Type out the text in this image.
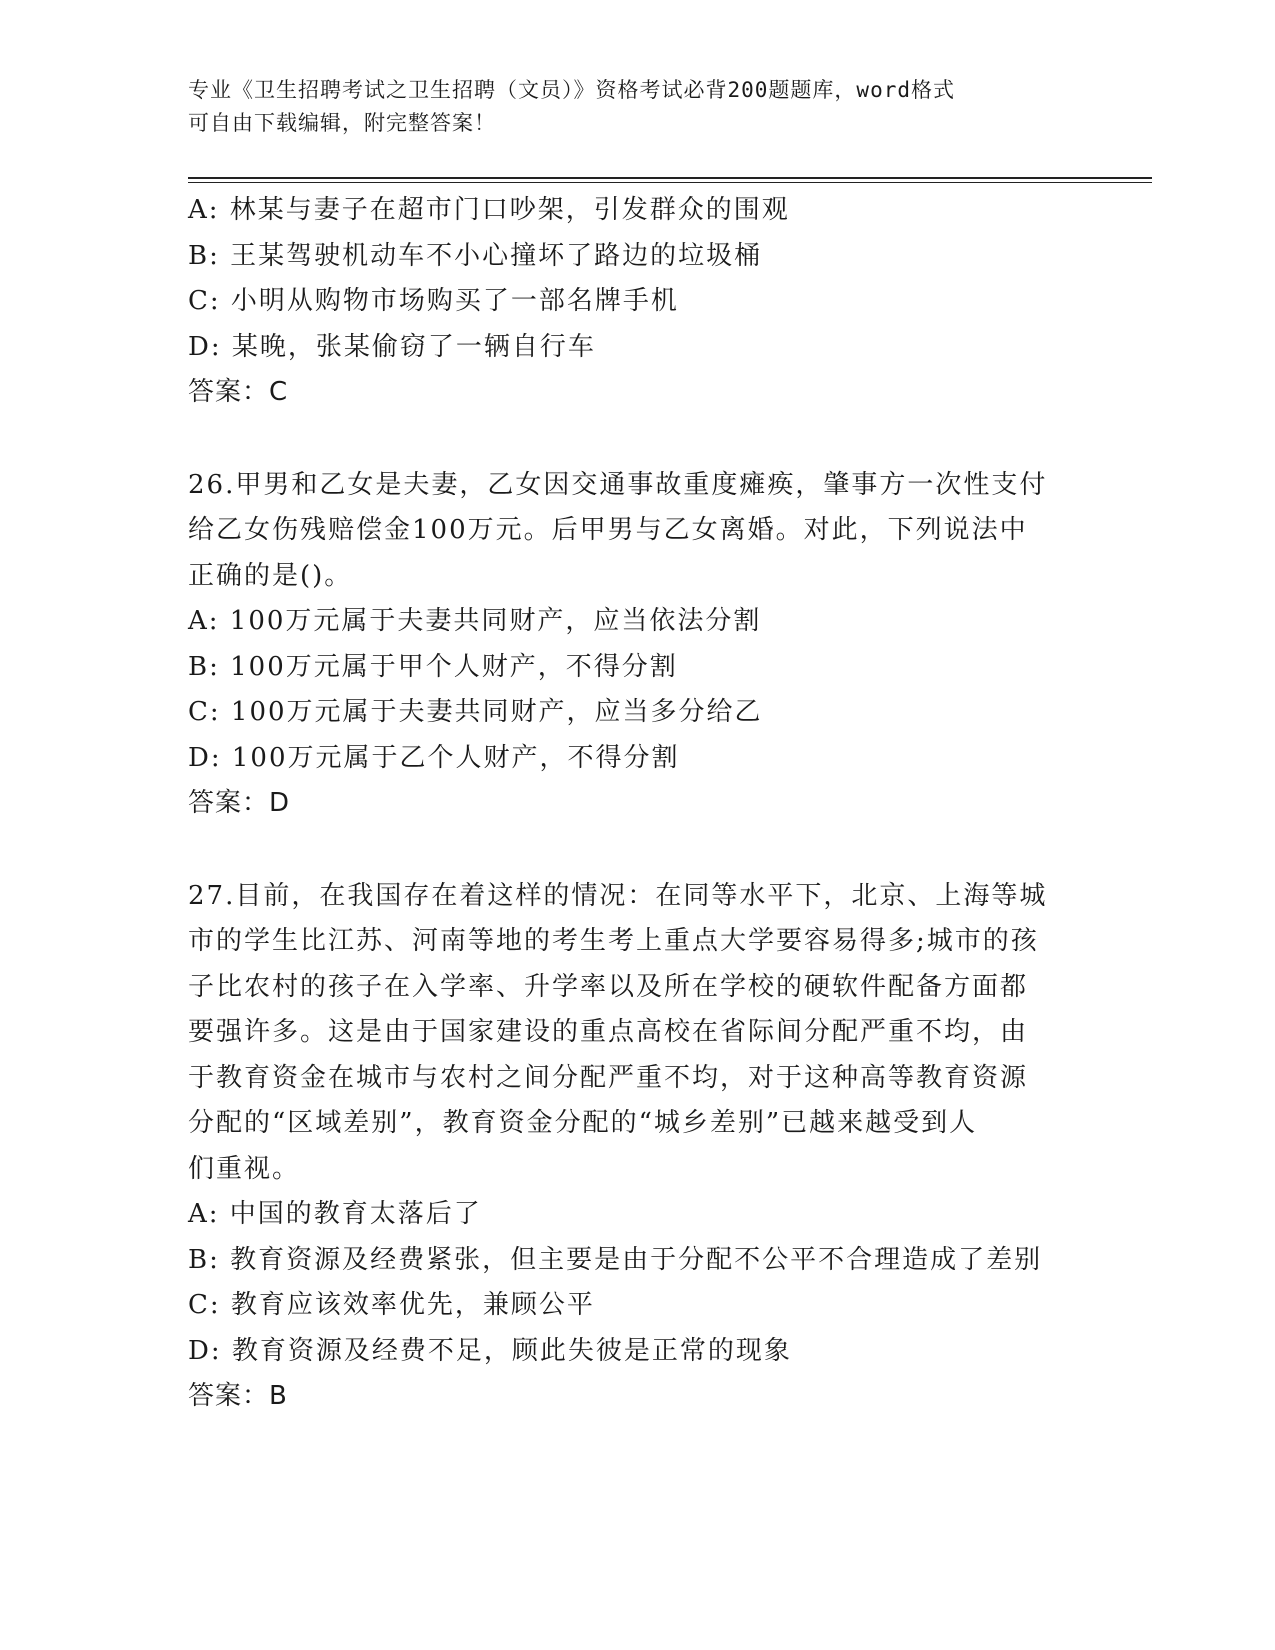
专业《卫生招聘考试之卫生招聘（文员）》资格考试必背200题题库，word格式
可自由下载编辑，附完整答案！
A: 林某与妻子在超市门口吵架，引发群众的围观
B: 王某驾驶机动车不小心撞坏了路边的垃圾桶
C: 小明从购物市场购买了一部名牌手机
D: 某晚，张某偷窃了一辆自行车
答案：C
26.甲男和乙女是夫妻，乙女因交通事故重度瘫痪，肇事方一次性支付
给乙女伤残赔偿金100万元。后甲男与乙女离婚。对此，下列说法中
正确的是()。
A: 100万元属于夫妻共同财产，应当依法分割
B: 100万元属于甲个人财产，不得分割
C: 100万元属于夫妻共同财产，应当多分给乙
D: 100万元属于乙个人财产，不得分割
答案：D
27.目前，在我国存在着这样的情况：在同等水平下，北京、上海等城
市的学生比江苏、河南等地的考生考上重点大学要容易得多;城市的孩
子比农村的孩子在入学率、升学率以及所在学校的硬软件配备方面都
要强许多。这是由于国家建设的重点高校在省际间分配严重不均，由
于教育资金在城市与农村之间分配严重不均，对于这种高等教育资源
分配的“区域差别”，教育资金分配的“城乡差别”已越来越受到人
们重视。
A: 中国的教育太落后了
B: 教育资源及经费紧张，但主要是由于分配不公平不合理造成了差别
C: 教育应该效率优先，兼顾公平
D: 教育资源及经费不足，顾此失彼是正常的现象
答案：B
